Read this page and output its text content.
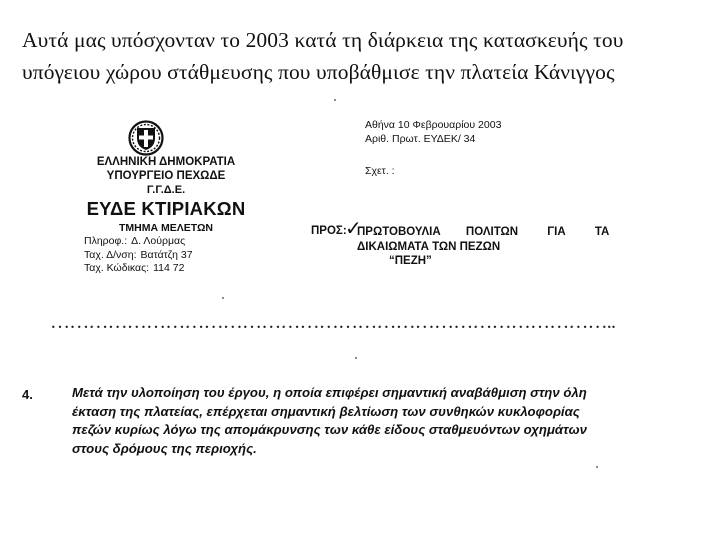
Αυτά μας υπόσχονταν το 2003 κατά τη διάρκεια της κατασκευής του
υπόγειου χώρου στάθμευσης που υποβάθμισε την πλατεία Κάνιγγος
ΕΛΛΗΝΙΚΗ ΔΗΜΟΚΡΑΤΙΑ
ΥΠΟΥΡΓΕΙΟ ΠΕΧΩΔΕ
Γ.Γ.Δ.Ε.
ΕΥΔΕ ΚΤΙΡΙΑΚΩΝ
ΤΜΗΜΑ ΜΕΛΕΤΩΝ
Πληροφ.: Δ. Λούρμας
Ταχ. Δ/νση: Βατάτζη 37
Ταχ. Κώδικας: 114 72
Αθήνα 10 Φεβρουαρίου 2003
Αριθ. Πρωτ. ΕΥΔΕΚ/ 34
Σχετ. :
ΠΡΟΣ:
✓
ΠΡΩΤΟΒΟΥΛΙΑ ΠΟΛΙΤΩΝ	ΓΙΑ	ΤΑ
ΔΙΚΑΙΩΜΑΤΑ ΤΩΝ ΠΕΖΩΝ
“ΠΕΖΗ”
……………………………………………………………………………..
4.	Μετά την υλοποίηση του έργου, η οποία επιφέρει σημαντική αναβάθμιση στην όλη
έκταση της πλατείας, επέρχεται σημαντική βελτίωση των συνθηκών κυκλοφορίας
πεζών κυρίως λόγω της απομάκρυνσης των κάθε είδους σταθμευόντων οχημάτων
στους δρόμους της περιοχής.
